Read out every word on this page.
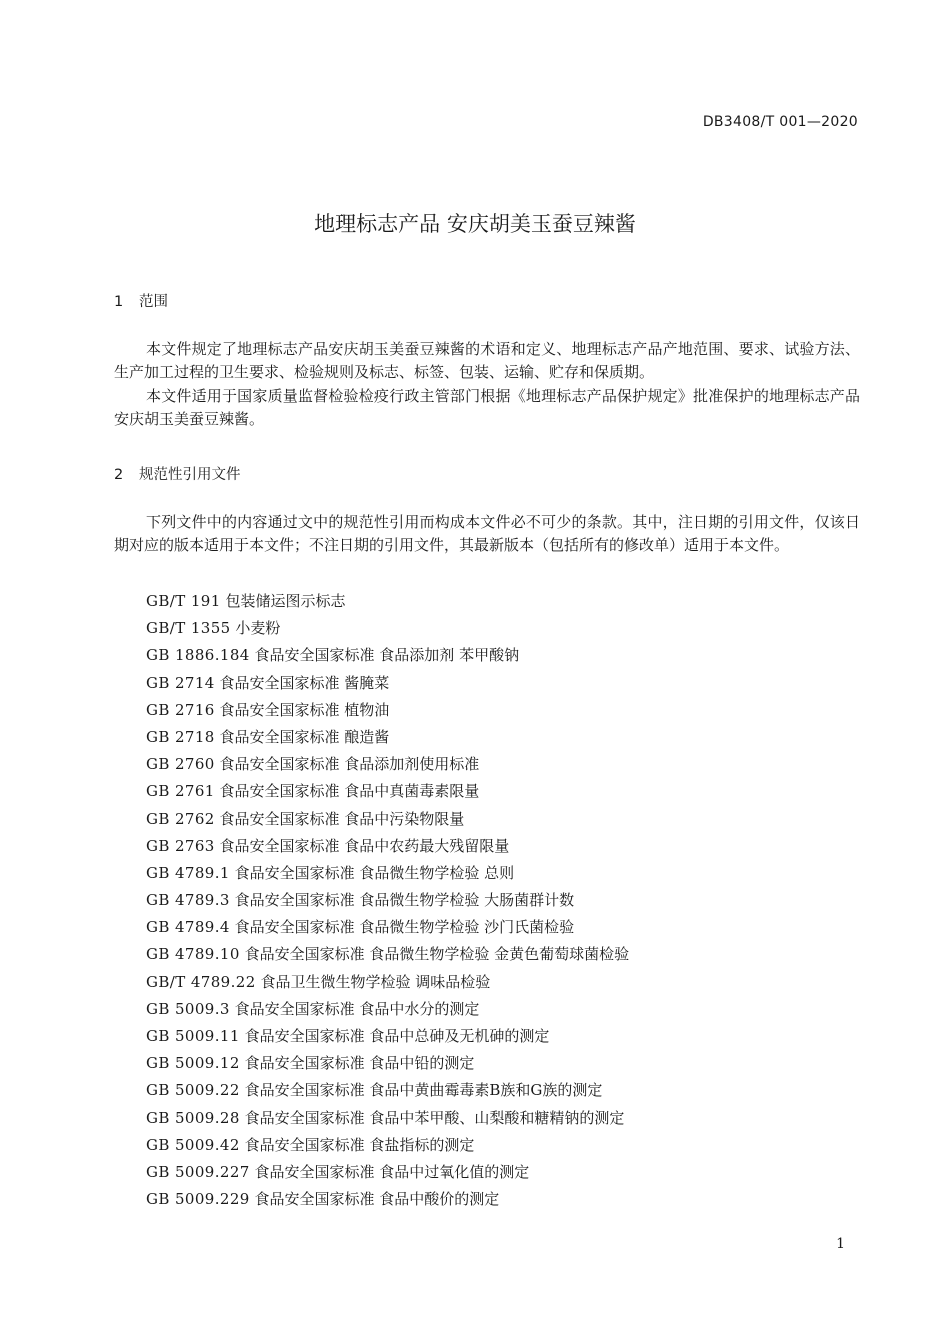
DB3408/T 001—2020
地理标志产品 安庆胡美玉蚕豆辣酱
1 范围

本文件规定了地理标志产品安庆胡玉美蚕豆辣酱的术语和定义、地理标志产品产地范围、要求、试验方法、生产加工过程的卫生要求、检验规则及标志、标签、包装、运输、贮存和保质期。

本文件适用于国家质量监督检验检疫行政主管部门根据《地理标志产品保护规定》批准保护的地理标志产品安庆胡玉美蚕豆辣酱。

2 规范性引用文件

下列文件中的内容通过文中的规范性引用而构成本文件必不可少的条款。其中，注日期的引用文件，仅该日期对应的版本适用于本文件；不注日期的引用文件，其最新版本（包括所有的修改单）适用于本文件。

GB/T 191 包装储运图示标志
GB/T 1355 小麦粉
GB 1886.184 食品安全国家标准 食品添加剂 苯甲酸钠
GB 2714 食品安全国家标准 酱腌菜
GB 2716 食品安全国家标准 植物油
GB 2718 食品安全国家标准 酿造酱
GB 2760 食品安全国家标准 食品添加剂使用标准
GB 2761 食品安全国家标准 食品中真菌毒素限量
GB 2762 食品安全国家标准 食品中污染物限量
GB 2763 食品安全国家标准 食品中农药最大残留限量
GB 4789.1 食品安全国家标准 食品微生物学检验 总则
GB 4789.3 食品安全国家标准 食品微生物学检验 大肠菌群计数
GB 4789.4 食品安全国家标准 食品微生物学检验 沙门氏菌检验
GB 4789.10 食品安全国家标准 食品微生物学检验 金黄色葡萄球菌检验
GB/T 4789.22 食品卫生微生物学检验 调味品检验
GB 5009.3 食品安全国家标准 食品中水分的测定
GB 5009.11 食品安全国家标准 食品中总砷及无机砷的测定
GB 5009.12 食品安全国家标准 食品中铅的测定
GB 5009.22 食品安全国家标准 食品中黄曲霉毒素B族和G族的测定
GB 5009.28 食品安全国家标准 食品中苯甲酸、山梨酸和糖精钠的测定
GB 5009.42 食品安全国家标准 食盐指标的测定
GB 5009.227 食品安全国家标准 食品中过氧化值的测定
GB 5009.229 食品安全国家标准 食品中酸价的测定
1
